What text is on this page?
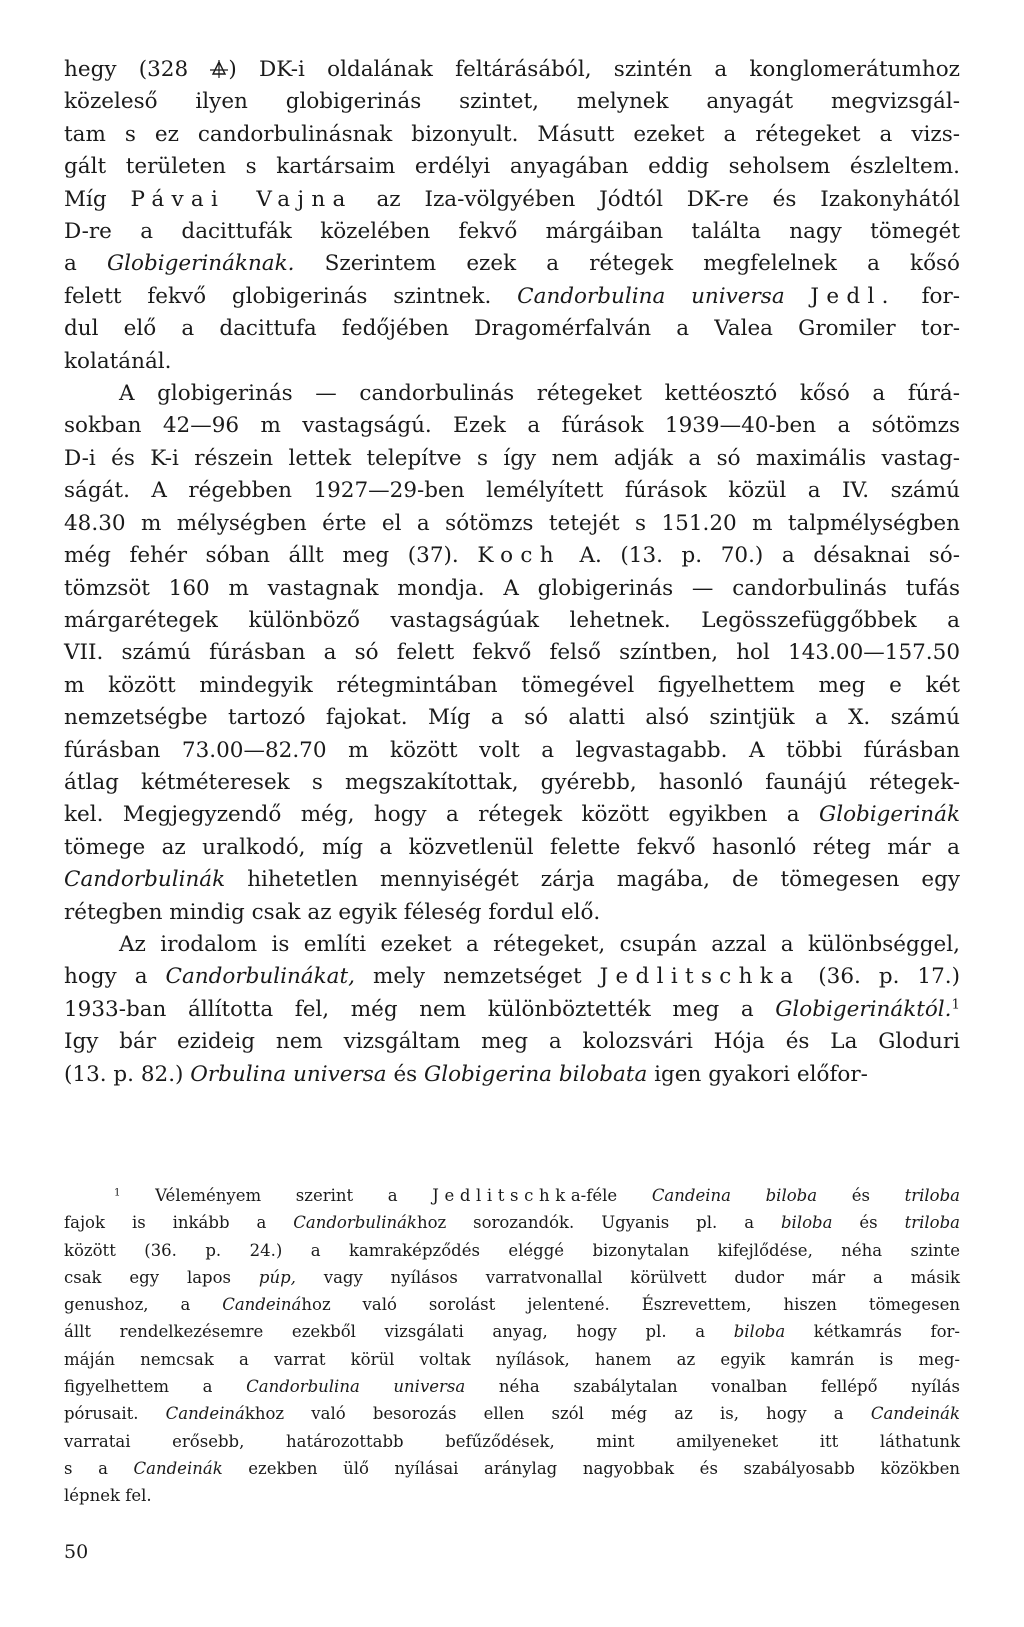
hegy (328 ) DK-i oldalának feltárásából, szintén a konglomerátumhoz

közeleső ilyen globigerinás szintet, melynek anyagát megvizsgál-

tam s ez candorbulinásnak bizonyult. Másutt ezeket a rétegeket a vizs-

gált területen s kartársaim erdélyi anyagában eddig seholsem észleltem.

Míg Pávai Vajna az Iza-völgyében Jódtól DK-re és Izakonyhától

D-re a dacittufák közelében fekvő márgáiban találta nagy tömegét

a Globigerináknak. Szerintem ezek a rétegek megfelelnek a kősó

felett fekvő globigerinás szintnek. Candorbulina universa Jedl. for-

dul elő a dacittufa fedőjében Dragomérfalván a Valea Gromiler tor-

kolatánál.

A globigerinás — candorbulinás rétegeket kettéosztó kősó a fúrá-

sokban 42—96 m vastagságú. Ezek a fúrások 1939—40-ben a sótömzs

D-i és K-i részein lettek telepítve s így nem adják a só maximális vastag-

ságát. A régebben 1927—29-ben lemélyített fúrások közül a IV. számú

48.30 m mélységben érte el a sótömzs tetejét s 151.20 m talpmélységben

még fehér sóban állt meg (37). Koch A. (13. p. 70.) a désaknai só-

tömzsöt 160 m vastagnak mondja. A globigerinás — candorbulinás tufás

márgarétegek különböző vastagságúak lehetnek. Legösszefüggőbbek a

VII. számú fúrásban a só felett fekvő felső színtben, hol 143.00—157.50

m között mindegyik rétegmintában tömegével figyelhettem meg e két

nemzetségbe tartozó fajokat. Míg a só alatti alsó szintjük a X. számú

fúrásban 73.00—82.70 m között volt a legvastagabb. A többi fúrásban

átlag kétméteresek s megszakítottak, gyérebb, hasonló faunájú rétegek-

kel. Megjegyzendő még, hogy a rétegek között egyikben a Globigerinák

tömege az uralkodó, míg a közvetlenül felette fekvő hasonló réteg már a

Candorbulinák hihetetlen mennyiségét zárja magába, de tömegesen egy

rétegben mindig csak az egyik féleség fordul elő.

Az irodalom is említi ezeket a rétegeket, csupán azzal a különbséggel,

hogy a Candorbulinákat, mely nemzetséget Jedlitschka (36. p. 17.)

1933-ban állította fel, még nem különböztették meg a Globigerináktól.$^1$

Igy bár ezideig nem vizsgáltam meg a kolozsvári Hója és La Gloduri

(13. p. 82.) Orbulina universa és Globigerina bilobata igen gyakori előfor-

$^1$ Véleményem szerint a Jedlitschka-féle Candeina biloba és triloba

fajok is inkább a Candorbulinákhoz sorozandók. Ugyanis pl. a biloba és triloba

között (36. p. 24.) a kamraképződés eléggé bizonytalan kifejlődése, néha szinte

csak egy lapos púp, vagy nyílásos varratvonallal körülvett dudor már a másik

genushoz, a Candeinához való sorolást jelentené. Észrevettem, hiszen tömegesen

állt rendelkezésemre ezekből vizsgálati anyag, hogy pl. a biloba kétkamrás for-

máján nemcsak a varrat körül voltak nyílások, hanem az egyik kamrán is meg-

figyelhettem a Candorbulina universa néha szabálytalan vonalban fellépő nyílás

pórusait. Candeinákhoz való besorozás ellen szól még az is, hogy a Candeinák

varratai erősebb, határozottabb befűződések, mint amilyeneket itt láthatunk

s a Candeinák ezekben ülő nyílásai aránylag nagyobbak és szabályosabb közökben

lépnek fel.

50
